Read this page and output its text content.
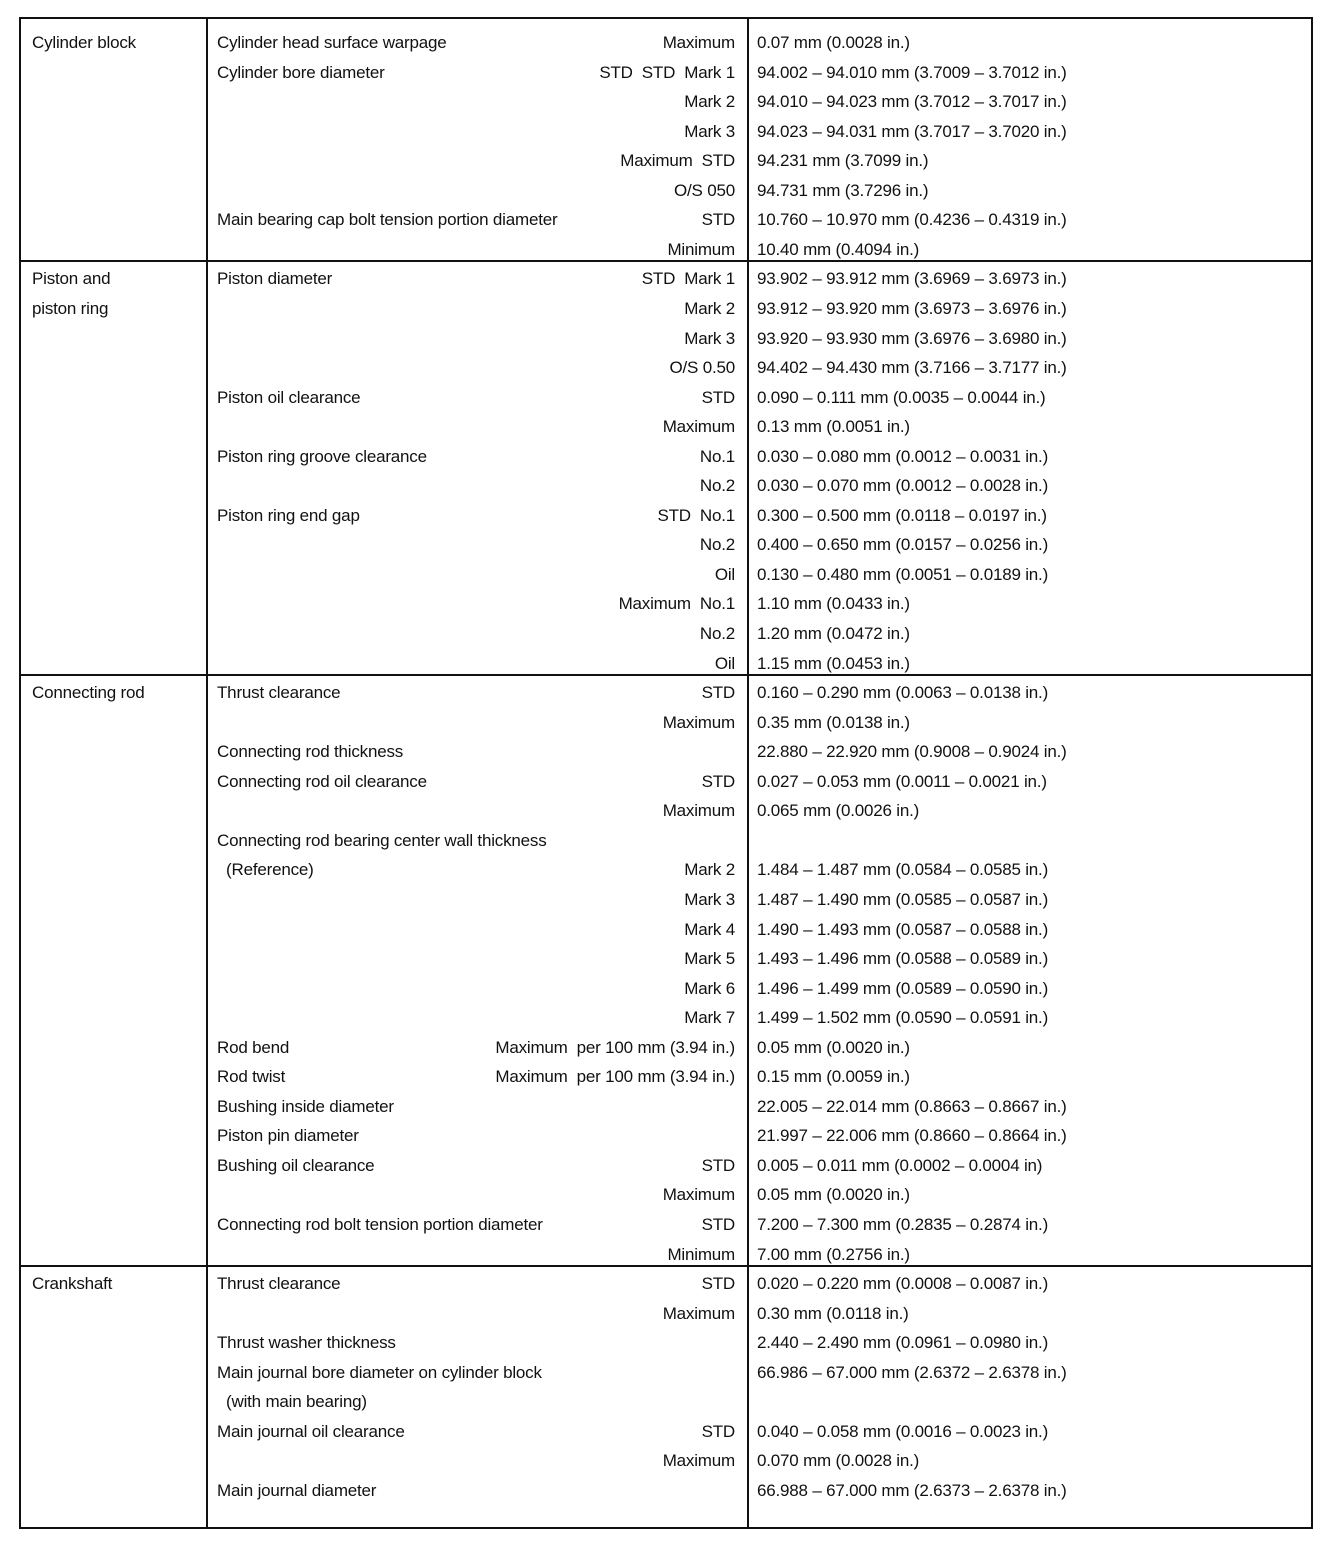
Cylinder block	Cylinder head surface warpage	Maximum 0.07 mm (0.0028 in.)
Cylinder bore diameter	STD  STD  Mark 1 94.002 – 94.010 mm (3.7009 – 3.7012 in.)
Mark 2 94.010 – 94.023 mm (3.7012 – 3.7017 in.)
Mark 3 94.023 – 94.031 mm (3.7017 – 3.7020 in.)
Maximum  STD 94.231 mm (3.7099 in.)
O/S 050 94.731 mm (3.7296 in.)
Main bearing cap bolt tension portion diameter	STD 10.760 – 10.970 mm (0.4236 – 0.4319 in.)
Minimum 10.40 mm (0.4094 in.)
Piston and
piston ring
Piston diameter	STD  Mark 1 93.902 – 93.912 mm (3.6969 – 3.6973 in.)
Mark 2 93.912 – 93.920 mm (3.6973 – 3.6976 in.)
Mark 3 93.920 – 93.930 mm (3.6976 – 3.6980 in.)
O/S 0.50 94.402 – 94.430 mm (3.7166 – 3.7177 in.)
Piston oil clearance	STD 0.090 – 0.111 mm (0.0035 – 0.0044 in.)
Maximum 0.13 mm (0.0051 in.)
Piston ring groove clearance	No.1 0.030 – 0.080 mm (0.0012 – 0.0031 in.)
No.2 0.030 – 0.070 mm (0.0012 – 0.0028 in.)
Piston ring end gap	STD  No.1 0.300 – 0.500 mm (0.0118 – 0.0197 in.)
No.2 0.400 – 0.650 mm (0.0157 – 0.0256 in.)
Oil 0.130 – 0.480 mm (0.0051 – 0.0189 in.)
Maximum  No.1 1.10 mm (0.0433 in.)
No.2 1.20 mm (0.0472 in.)
Oil 1.15 mm (0.0453 in.)
Connecting rod	Thrust clearance	STD 0.160 – 0.290 mm (0.0063 – 0.0138 in.)
Maximum 0.35 mm (0.0138 in.)
Connecting rod thickness	22.880 – 22.920 mm (0.9008 – 0.9024 in.)
Connecting rod oil clearance	STD 0.027 – 0.053 mm (0.0011 – 0.0021 in.)
Maximum 0.065 mm (0.0026 in.)
Connecting rod bearing center wall thickness
(Reference)	Mark 2 1.484 – 1.487 mm (0.0584 – 0.0585 in.)
Mark 3 1.487 – 1.490 mm (0.0585 – 0.0587 in.)
Mark 4 1.490 – 1.493 mm (0.0587 – 0.0588 in.)
Mark 5 1.493 – 1.496 mm (0.0588 – 0.0589 in.)
Mark 6 1.496 – 1.499 mm (0.0589 – 0.0590 in.)
Mark 7 1.499 – 1.502 mm (0.0590 – 0.0591 in.)
Rod bend	Maximum  per 100 mm (3.94 in.) 0.05 mm (0.0020 in.)
Rod twist	Maximum  per 100 mm (3.94 in.) 0.15 mm (0.0059 in.)
Bushing inside diameter	22.005 – 22.014 mm (0.8663 – 0.8667 in.)
Piston pin diameter	21.997 – 22.006 mm (0.8660 – 0.8664 in.)
Bushing oil clearance	STD 0.005 – 0.011 mm (0.0002 – 0.0004 in)
Maximum 0.05 mm (0.0020 in.)
Connecting rod bolt tension portion diameter	STD 7.200 – 7.300 mm (0.2835 – 0.2874 in.)
Minimum 7.00 mm (0.2756 in.)
Crankshaft	Thrust clearance	STD 0.020 – 0.220 mm (0.0008 – 0.0087 in.)
Maximum 0.30 mm (0.0118 in.)
Thrust washer thickness	2.440 – 2.490 mm (0.0961 – 0.0980 in.)
Main journal bore diameter on cylinder block	66.986 – 67.000 mm (2.6372 – 2.6378 in.)
(with main bearing)
Main journal oil clearance	STD 0.040 – 0.058 mm (0.0016 – 0.0023 in.)
Maximum 0.070 mm (0.0028 in.)
Main journal diameter	66.988 – 67.000 mm (2.6373 – 2.6378 in.)
